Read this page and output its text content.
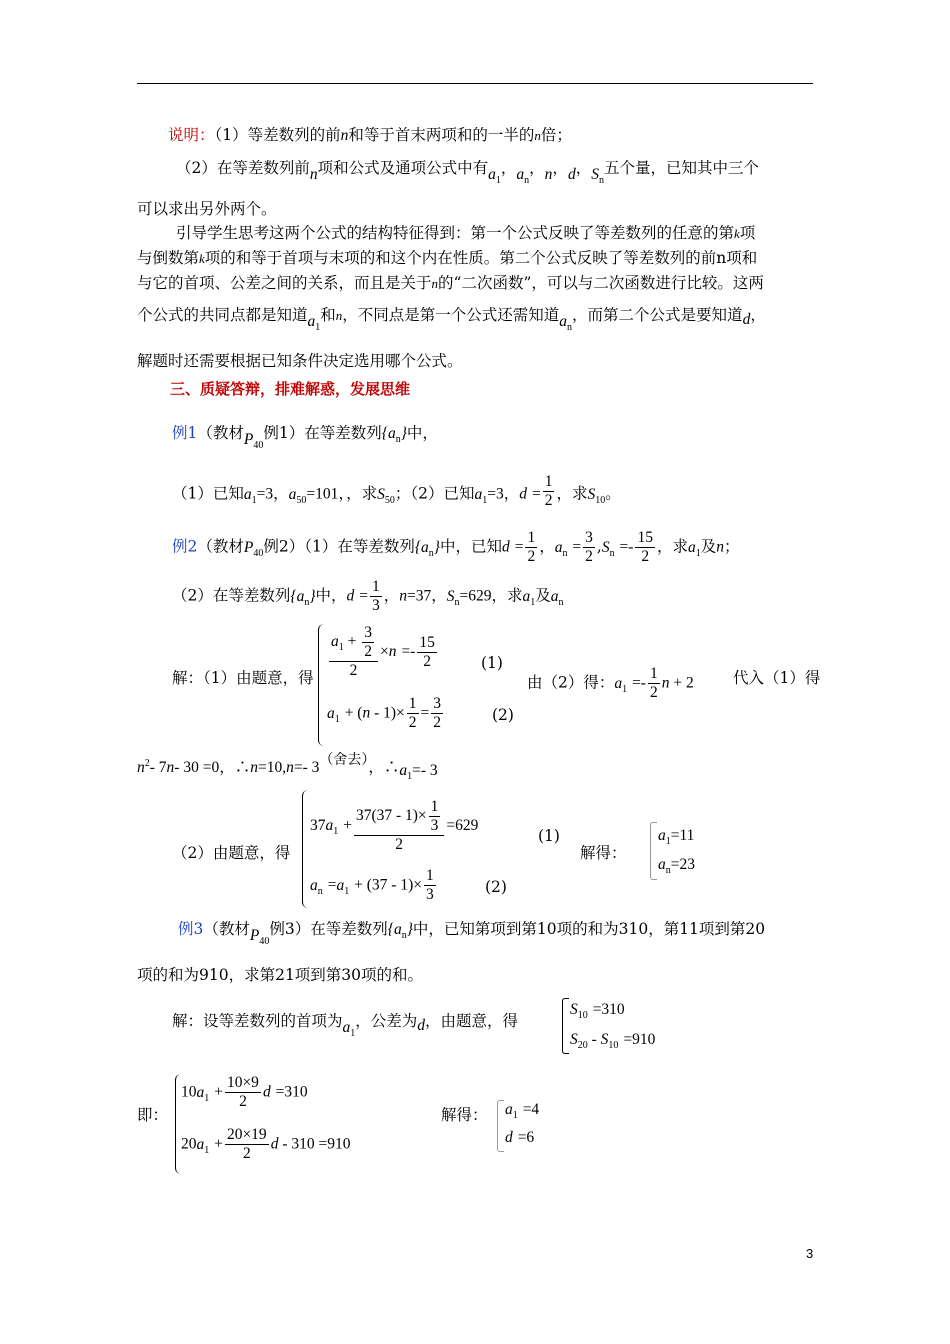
说明：（1）等差数列的前n和等于首末两项和的一半的n倍；
（2）在等差数列前n项和公式及通项公式中有$a_1$，$a_n$，n，d，$S_n$五个量，已知其中三个
可以求出另外两个。
引导学生思考这两个公式的结构特征得到：第一个公式反映了等差数列的任意的第k项
与倒数第k项的和等于首项与末项的和这个内在性质。第二个公式反映了等差数列的前n项和
与它的首项、公差之间的关系，而且是关于n的“二次函数”，可以与二次函数进行比较。这两
个公式的共同点都是知道$a_1$和n，不同点是第一个公式还需知道$a_n$，而第二个公式是要知道d，
解题时还需要根据已知条件决定选用哪个公式。
三、质疑答辩，排难解惑，发展思维
例1（教材$P_{40}$例1）在等差数列$\{a_n\}$中，
（1）已知$a_1=3$，$a_{50}=101$，，求$S_{50}$；（2）已知$a_1=3$，$d = \frac{1}{2}$ ，求$S_{10}$。
例2（教材$P_{40}$例2）（1）在等差数列$\{a_n\}$中，已知$d = \frac{1}{2}$ ，$a_n = \frac{3}{2} ,S_n =- \frac{15}{2}$ ，求$a_1$及n；
（2）在等差数列$\{a_n\}$中，$d = \frac{1}{3}$ ，n=37，$S_n=629$，求$a_1$及$a_n$
解：（1）由题意，得 $\frac{a_1 + \frac{3}{2}}{2} \times n =- \frac{15}{2}$	(1)
$a_1 + (n - 1)\times \frac{1}{2} = \frac{3}{2}$	(2)
由（2）得：$a_1 =- \frac{1}{2}$ n + 2	代入（1）得
$n^2-$ 7n- 30 =0，∴n=10,n=- 3（舍去），$\therefore a_1=-$ 3
（2）由题意，得
$37a_1 + \frac{37(37 - 1)\times \frac{1}{3}}{2} =629$
(1)
$a_n =a_1 + (37 - 1)\times \frac{1}{3}$	(2)
解得：
$a_1=11$
$a_n=23$
例3（教材$P_{40}$例3）在等差数列$\{a_n\}$中，已知第项到第10项的和为310，第11项到第20
项的和为910，求第21项到第30项的和。
解：设等差数列的首项为$a_1$，公差为d，由题意，得
$S_{10} =310$
$S_{20} - S_{10} =910$
即：
$10a_1 + \frac{10\times 9}{2}$ d =310
$20a_1 + \frac{20\times 19}{2}$ d - 310 =910
解得： $a_1 =4$
d =6
3
